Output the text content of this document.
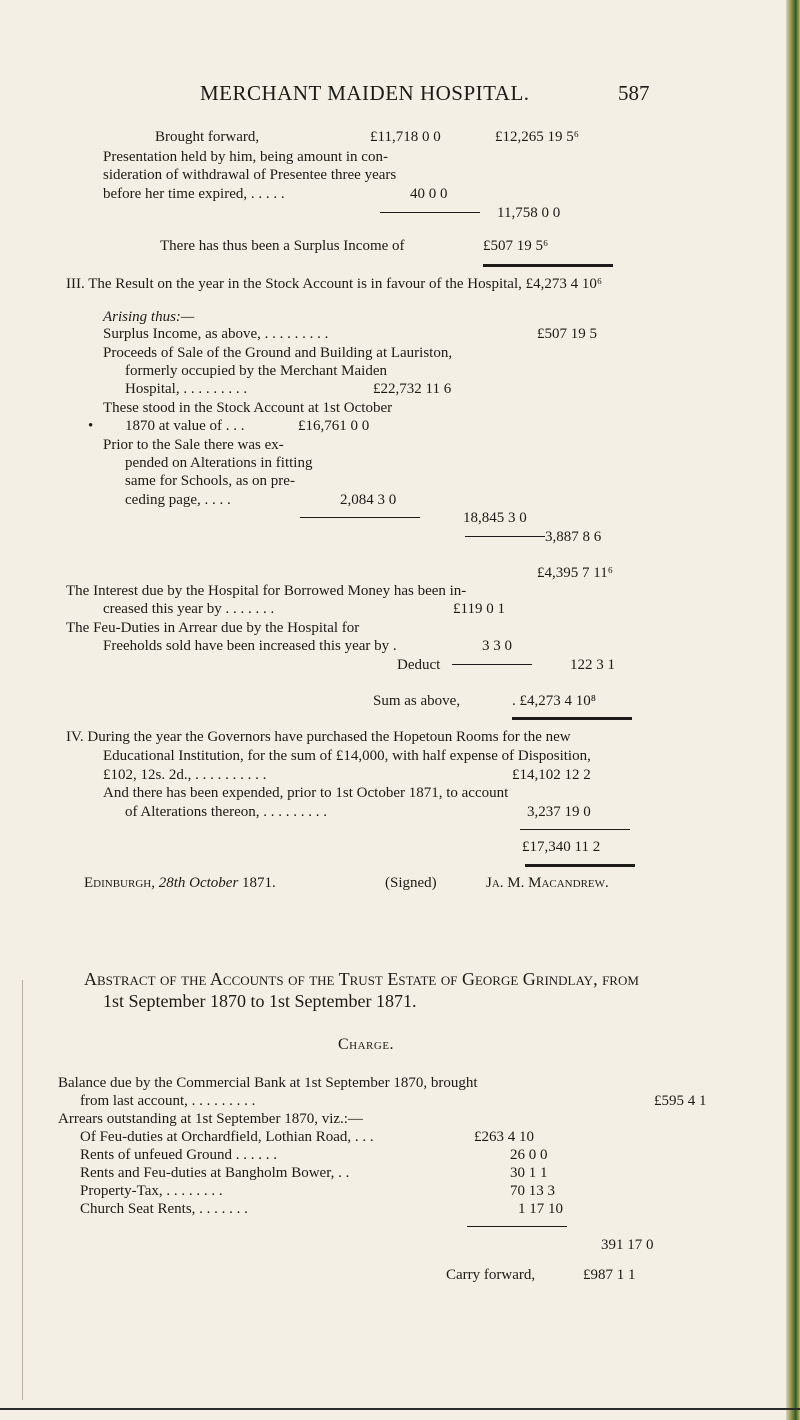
MERCHANT MAIDEN HOSPITAL.	587
Brought forward,	£11,718 0 0	£12,265 19 5⁶
Presentation held by him, being amount in con-
sideration of withdrawal of Presentee three years
before her time expired, . . . . .	40 0 0
11,758 0 0
There has thus been a Surplus Income of	£507 19 5⁶
III. The Result on the year in the Stock Account is in favour of the Hospital, £4,273 4 10⁶
Arising thus:—
Surplus Income, as above, . . . . . . . . .	£507 19 5
Proceeds of Sale of the Ground and Building at Lauriston,
formerly occupied by the Merchant Maiden
Hospital, . . . . . . . . .	£22,732 11 6
These stood in the Stock Account at 1st October
• 1870 at value of . . .	£16,761 0 0
Prior to the Sale there was ex-
pended on Alterations in fitting
same for Schools, as on pre-
ceding page, . . . .	2,084 3 0
18,845 3 0
3,887 8 6
£4,395 7 11⁶
The Interest due by the Hospital for Borrowed Money has been in-
creased this year by . . . . . . .	£119 0 1
The Feu-Duties in Arrear due by the Hospital for
Freeholds sold have been increased this year by .	3 3 0
Deduct	122 3 1
Sum as above,	. £4,273 4 10⁸
IV. During the year the Governors have purchased the Hopetoun Rooms for the new
Educational Institution, for the sum of £14,000, with half expense of Disposition,
£102, 12s. 2d., . . . . . . . . . .	£14,102 12 2
And there has been expended, prior to 1st October 1871, to account
of Alterations thereon, . . . . . . . . .	3,237 19 0
£17,340 11 2
Edinburgh, 28th October 1871.	(Signed)	Ja. M. Macandrew.
Abstract of the Accounts of the Trust Estate of George Grindlay, from
1st September 1870 to 1st September 1871.
Charge.
Balance due by the Commercial Bank at 1st September 1870, brought
from last account, . . . . . . . . .	£595 4 1
Arrears outstanding at 1st September 1870, viz.:—
Of Feu-duties at Orchardfield, Lothian Road, . . .	£263 4 10
Rents of unfeued Ground . . . . . .	26 0 0
Rents and Feu-duties at Bangholm Bower, . .	30 1 1
Property-Tax, . . . . . . . .	70 13 3
Church Seat Rents, . . . . . . .	1 17 10
391 17 0
Carry forward,	£987 1 1
